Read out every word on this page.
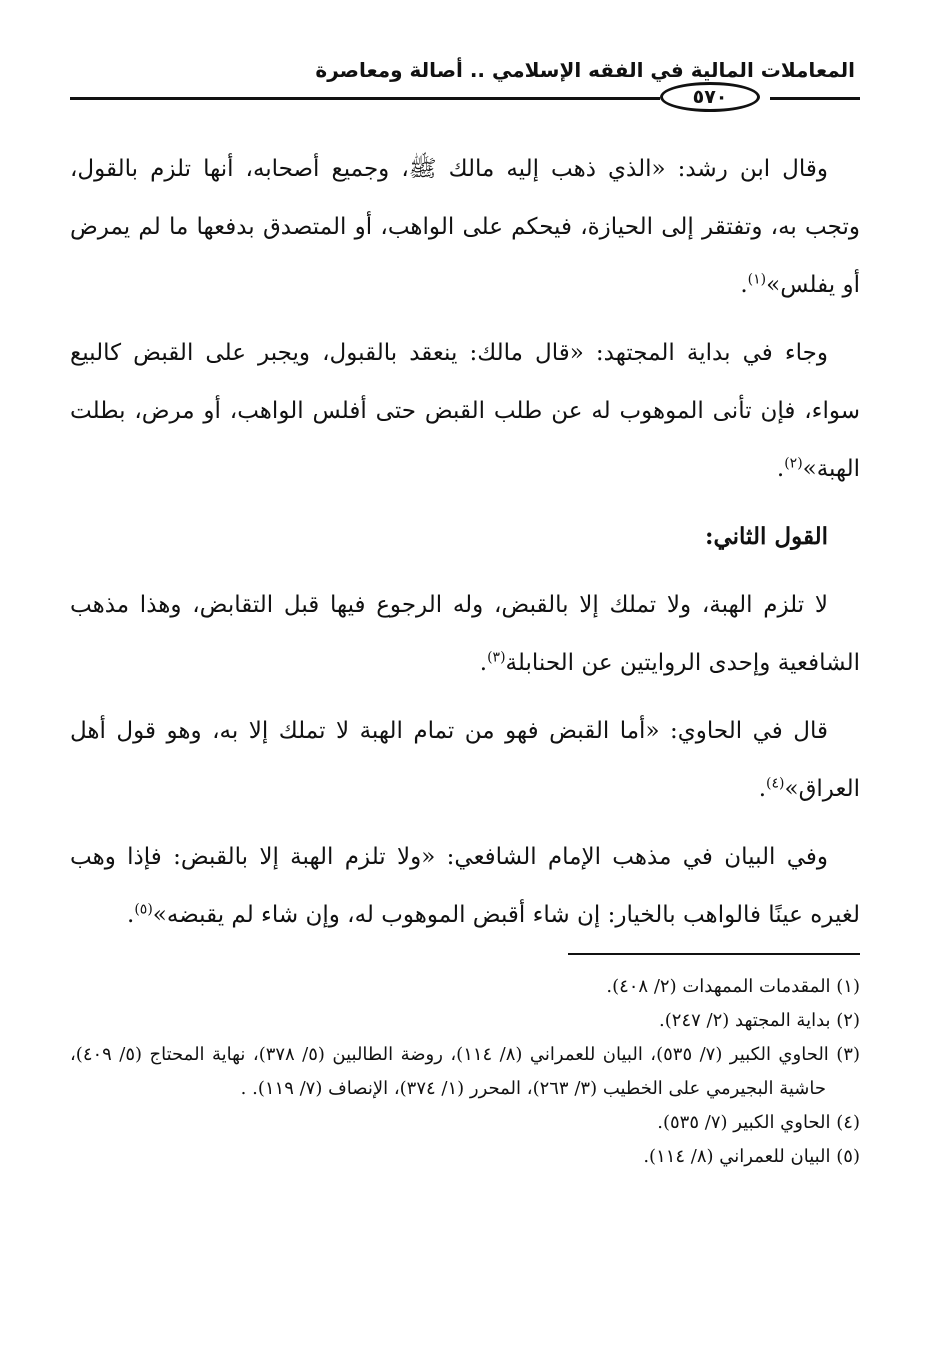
المعاملات المالية في الفقه الإسلامي .. أصالة ومعاصرة
٥٧٠

وقال ابن رشد: «الذي ذهب إليه مالك ﷺ، وجميع أصحابه، أنها تلزم بالقول، وتجب به، وتفتقر إلى الحيازة، فيحكم على الواهب، أو المتصدق بدفعها ما لم يمرض أو يفلس»$^{(١)}$.

وجاء في بداية المجتهد: «قال مالك: ينعقد بالقبول، ويجبر على القبض كالبيع سواء، فإن تأنى الموهوب له عن طلب القبض حتى أفلس الواهب، أو مرض، بطلت الهبة»$^{(٢)}$.

القول الثاني:

لا تلزم الهبة، ولا تملك إلا بالقبض، وله الرجوع فيها قبل التقابض، وهذا مذهب الشافعية وإحدى الروايتين عن الحنابلة$^{(٣)}$.

قال في الحاوي: «أما القبض فهو من تمام الهبة لا تملك إلا به، وهو قول أهل العراق»$^{(٤)}$.

وفي البيان في مذهب الإمام الشافعي: «ولا تلزم الهبة إلا بالقبض: فإذا وهب لغيره عينًا فالواهب بالخيار: إن شاء أقبض الموهوب له، وإن شاء لم يقبضه»$^{(٥)}$.

(١) المقدمات الممهدات (٢/ ٤٠٨).
(٢) بداية المجتهد (٢/ ٢٤٧).
(٣) الحاوي الكبير (٧/ ٥٣٥)، البيان للعمراني (٨/ ١١٤)، روضة الطالبين (٥/ ٣٧٨)، نهاية المحتاج (٥/ ٤٠٩)، حاشية البجيرمي على الخطيب (٣/ ٢٦٣)، المحرر (١/ ٣٧٤)، الإنصاف (٧/ ١١٩). .
(٤) الحاوي الكبير (٧/ ٥٣٥).
(٥) البيان للعمراني (٨/ ١١٤).
